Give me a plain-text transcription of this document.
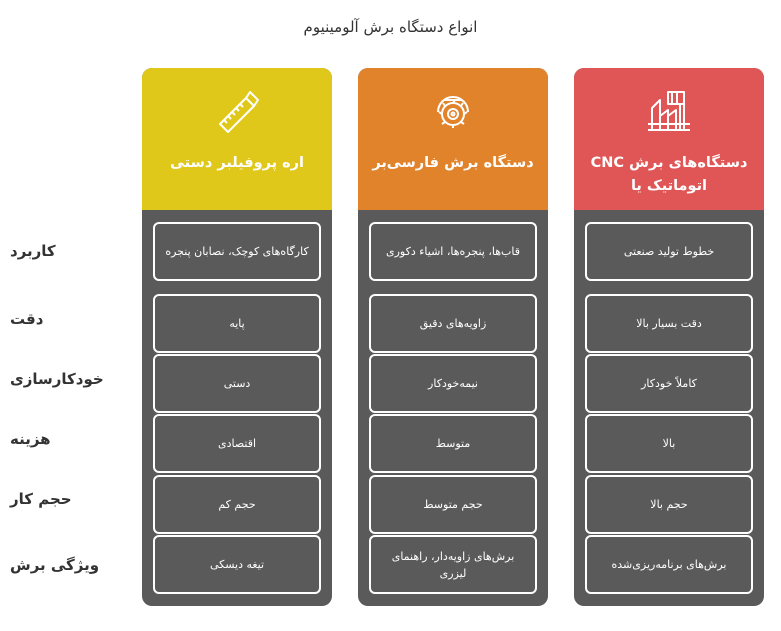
انواع دستگاه برش آلومینیوم
دستگاه‌های برش CNC اتوماتیک یا
خطوط تولید صنعتی
دقت بسیار بالا
کاملاً خودکار
بالا
حجم بالا
برش‌های برنامه‌ریزی‌شده
دستگاه برش فارسی‌بر
قاب‌ها، پنجره‌ها، اشیاء دکوری
زاویه‌های دقیق
نیمه‌خودکار
متوسط
حجم متوسط
برش‌های زاویه‌دار، راهنمای لیزری
اره پروفیلبر دستی
کارگاه‌های کوچک، نصابان پنجره
پایه
دستی
اقتصادی
حجم کم
تیغه دیسکی
کاربرد
دقت
خودکارسازی
هزینه
حجم کار
ویژگی برش
